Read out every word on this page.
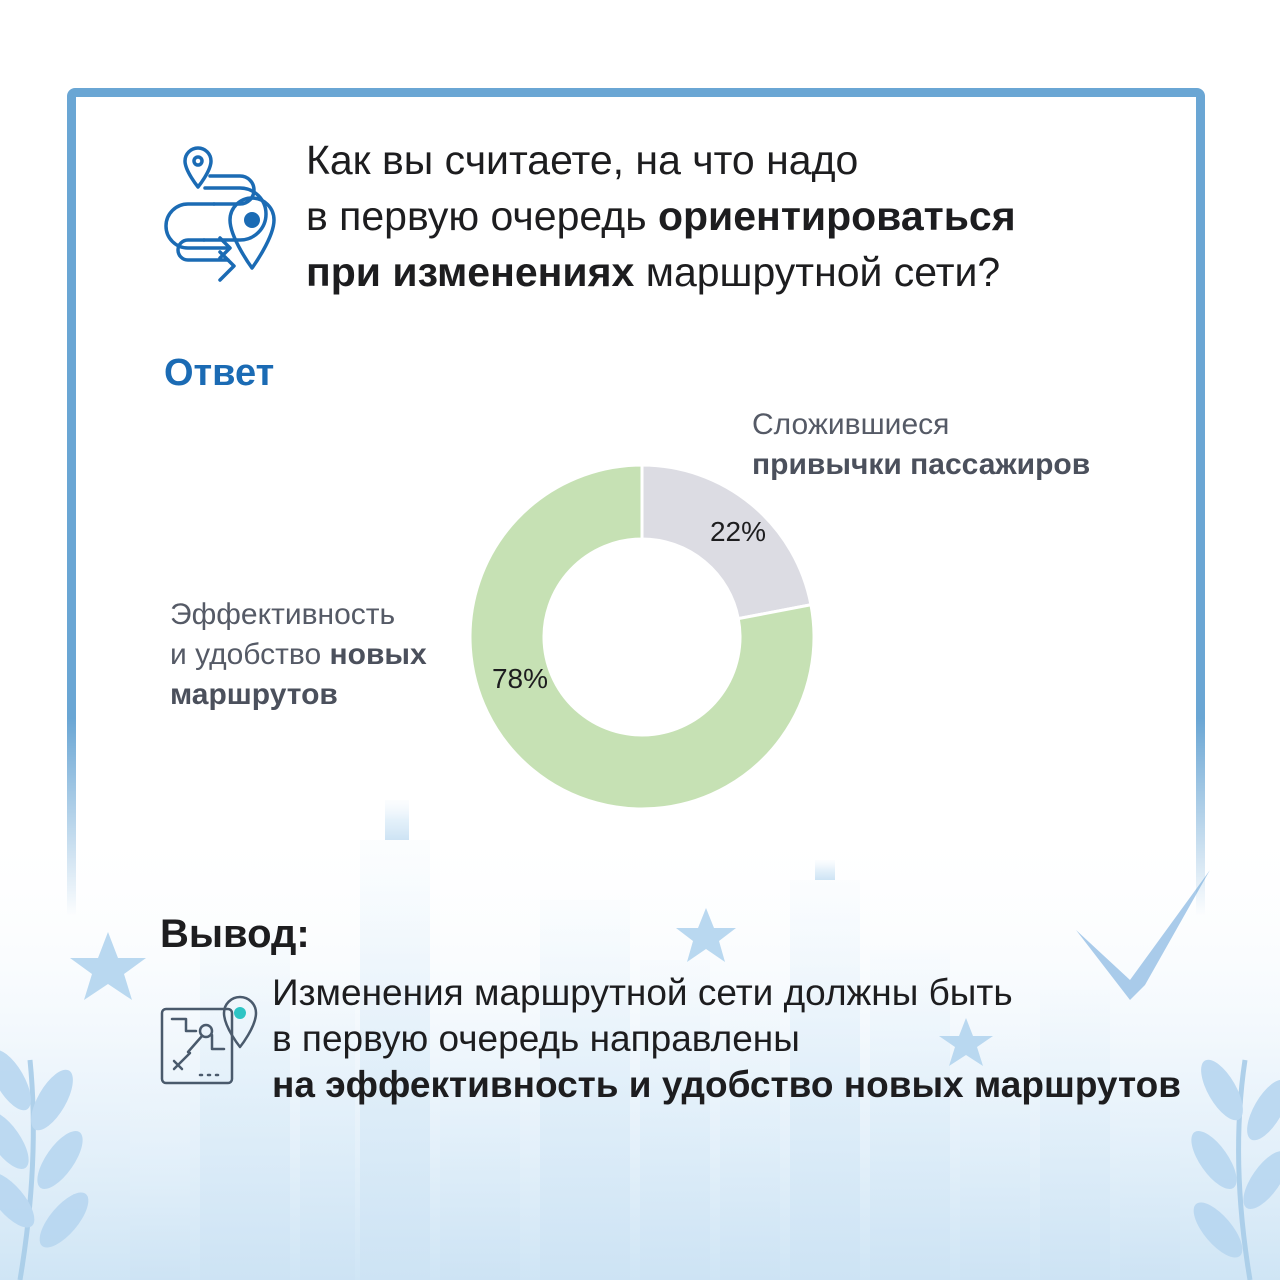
Как вы считаете, на что надо
в первую очередь ориентироваться
при изменениях маршрутной сети?

Ответ
22%
78%
Сложившиеся
привычки пассажиров
Эффективность
и удобство новых
маршрутов
Вывод:
Изменения маршрутной сети должны быть
в первую очередь направлены
на эффективность и удобство новых маршрутов
